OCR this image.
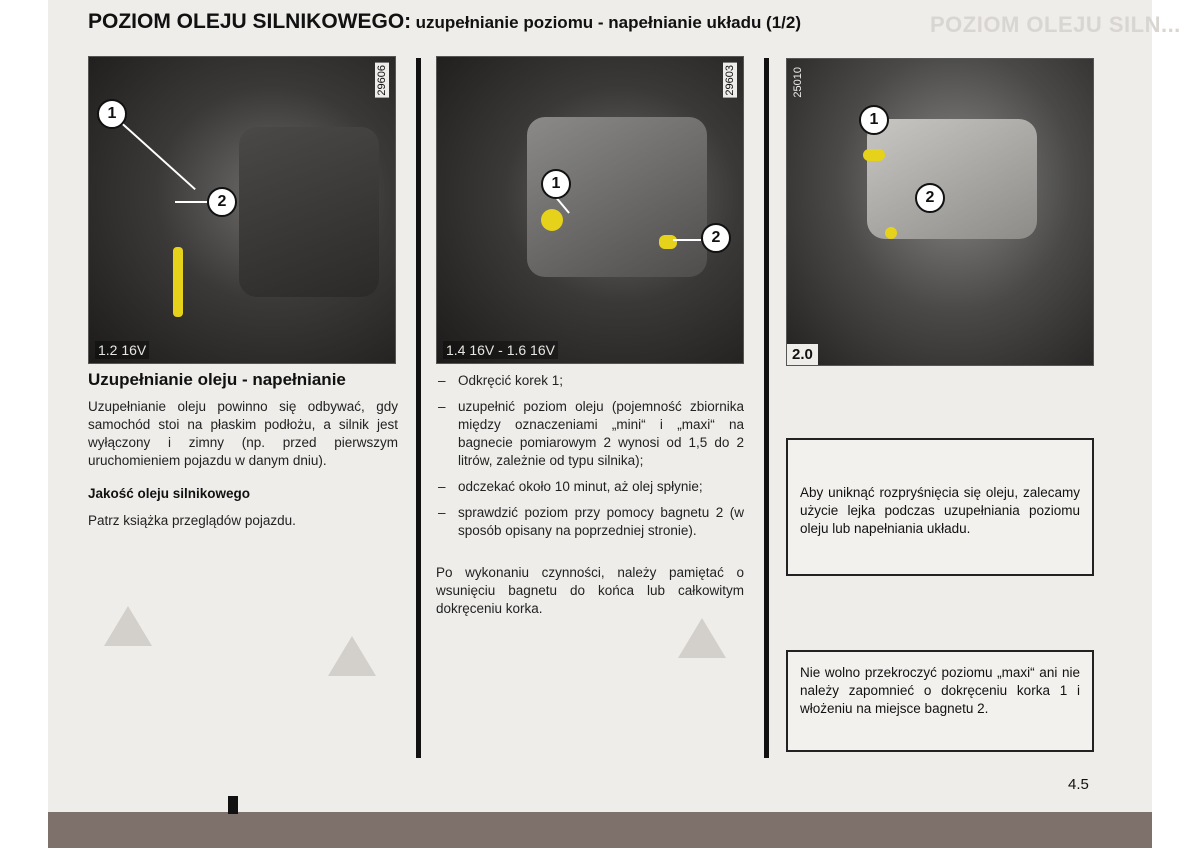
POZIOM OLEJU SILN...
POZIOM OLEJU SILNIKOWEGO: uzupełnianie poziomu - napełnianie układu (1/2)
1
2
29606
1.2 16V
1
2
29603
1.4 16V - 1.6 16V
1
2
25010
2.0
Uzupełnianie oleju - napełnianie
Uzupełnianie oleju powinno się odbywać, gdy samochód stoi na płaskim podłożu, a silnik jest wyłączony i zimny (np. przed pierwszym uruchomieniem pojazdu w danym dniu).
Jakość oleju silnikowego
Patrz książka przeglądów pojazdu.
– Odkręcić korek 1;
– uzupełnić poziom oleju (pojemność zbiornika między oznaczeniami „mini“ i „maxi“ na bagnecie pomiarowym 2 wynosi od 1,5 do 2 litrów, zależnie od typu silnika);
– odczekać około 10 minut, aż olej spłynie;
– sprawdzić poziom przy pomocy bagnetu 2 (w sposób opisany na poprzedniej stronie).
Po wykonaniu czynności, należy pamiętać o wsunięciu bagnetu do końca lub całkowitym dokręceniu korka.
Aby uniknąć rozpryśnięcia się oleju, zalecamy użycie lejka podczas uzupełniania poziomu oleju lub napełniania układu.
Nie wolno przekroczyć poziomu „maxi“ ani nie należy zapomnieć o dokręceniu korka 1 i włożeniu na miejsce bagnetu 2.
4.5
